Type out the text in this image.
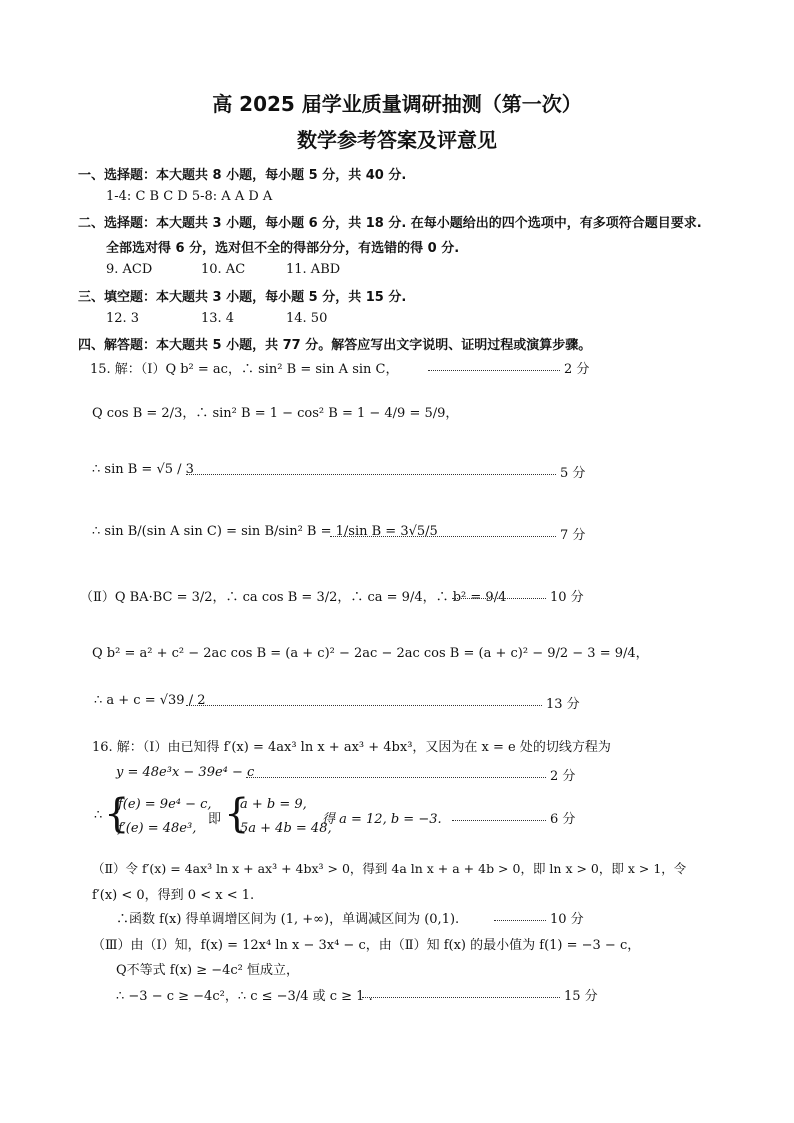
高 2025 届学业质量调研抽测（第一次）
数学参考答案及评意见
一、选择题：本大题共 8 小题，每小题 5 分，共 40 分.
1-4: C B C D 5-8: A A D A
二、选择题：本大题共 3 小题，每小题 6 分，共 18 分. 在每小题给出的四个选项中，有多项符合题目要求.
全部选对得 6 分，选对但不全的得部分分，有选错的得 0 分.
9. ACD	10. AC	11. ABD
三、填空题：本大题共 3 小题，每小题 5 分，共 15 分.
12. 3	13. 4	14. 50
四、解答题：本大题共 5 小题，共 77 分。解答应写出文字说明、证明过程或演算步骤。
15. 解：（Ⅰ）Q b² = ac，∴ sin² B = sin A sin C，	2 分
Q cos B = 2/3，∴ sin² B = 1 − cos² B = 1 − 4/9 = 5/9，
∴ sin B = √5 / 3	5 分
∴ sin B/(sin A sin C) = sin B/sin² B = 1/sin B = 3√5/5	7 分
（Ⅱ）Q BA·BC = 3/2，∴ ca cos B = 3/2，∴ ca = 9/4，∴ b² = 9/4	10 分
Q b² = a² + c² − 2ac cos B = (a + c)² − 2ac − 2ac cos B = (a + c)² − 9/2 − 3 = 9/4，
∴ a + c = √39 / 2	13 分
16. 解：（Ⅰ）由已知得 f′(x) = 4ax³ ln x + ax³ + 4bx³，又因为在 x = e 处的切线方程为
y = 48e³x − 39e⁴ − c	2 分
∴ {
f(e) = 9e⁴ − c,
f′(e) = 48e³,
即 {
a + b = 9,
5a + 4b = 48,
得 a = 12, b = −3.	6 分
（Ⅱ）令 f′(x) = 4ax³ ln x + ax³ + 4bx³ > 0，得到 4a ln x + a + 4b > 0，即 ln x > 0，即 x > 1，令
f′(x) < 0，得到 0 < x < 1.
∴函数 f(x) 得单调增区间为 (1, +∞)，单调减区间为 (0,1).	10 分
（Ⅲ）由（Ⅰ）知，f(x) = 12x⁴ ln x − 3x⁴ − c，由（Ⅱ）知 f(x) 的最小值为 f(1) = −3 − c，
Q不等式 f(x) ≥ −4c² 恒成立，
∴ −3 − c ≥ −4c²，∴ c ≤ −3/4 或 c ≥ 1 .	15 分
